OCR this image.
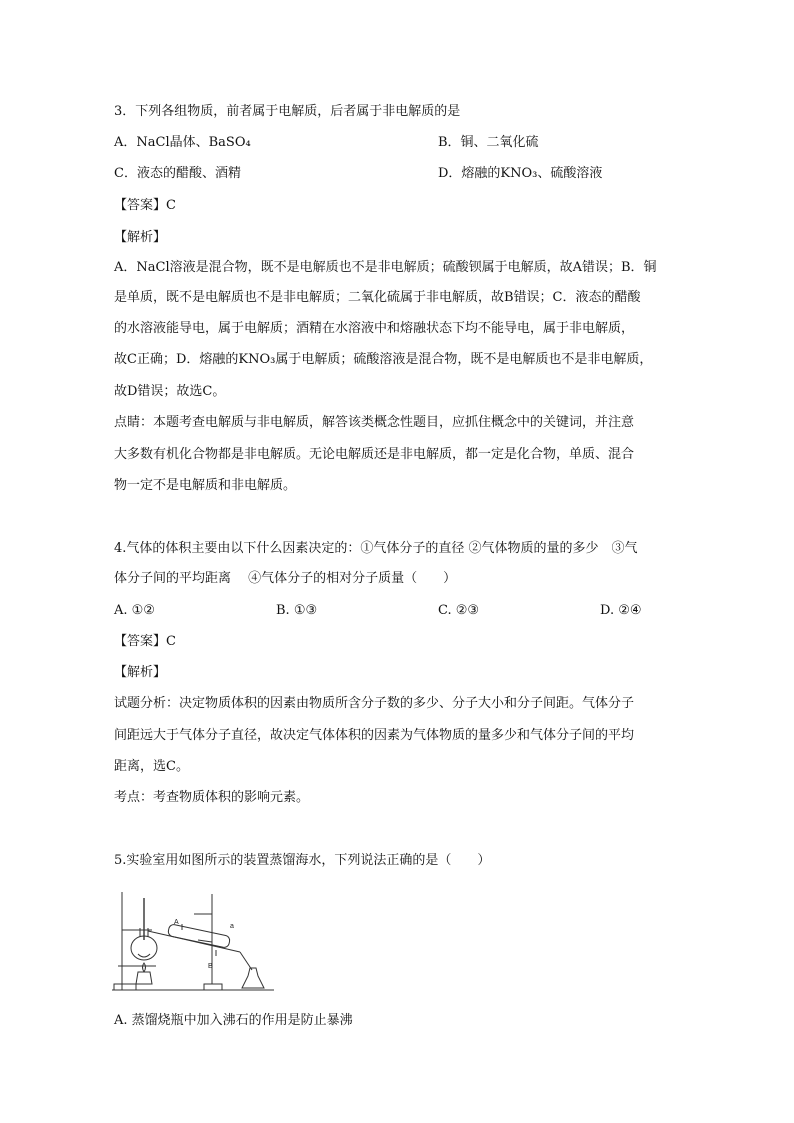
3．下列各组物质，前者属于电解质，后者属于非电解质的是
A．NaCl晶体、BaSO₄	B．铜、二氧化硫
C．液态的醋酸、酒精	D．熔融的KNO₃、硫酸溶液
【答案】C
【解析】
A．NaCl溶液是混合物，既不是电解质也不是非电解质；硫酸钡属于电解质，故A错误；B．铜
是单质，既不是电解质也不是非电解质；二氧化硫属于非电解质，故B错误；C．液态的醋酸
的水溶液能导电，属于电解质；酒精在水溶液中和熔融状态下均不能导电，属于非电解质，
故C正确；D．熔融的KNO₃属于电解质；硫酸溶液是混合物，既不是电解质也不是非电解质，
故D错误；故选C。
点睛：本题考查电解质与非电解质，解答该类概念性题目，应抓住概念中的关键词，并注意
大多数有机化合物都是非电解质。无论电解质还是非电解质，都一定是化合物，单质、混合
物一定不是电解质和非电解质。
4.气体的体积主要由以下什么因素决定的：①气体分子的直径 ②气体物质的量的多少　③气
体分子间的平均距离　 ④气体分子的相对分子质量（　　）
A. ①②	B. ①③	C. ②③	D. ②④
【答案】C
【解析】
试题分析：决定物质体积的因素由物质所含分子数的多少、分子大小和分子间距。气体分子
间距远大于气体分子直径，故决定气体体积的因素为气体物质的量多少和气体分子间的平均
距离，选C。
考点：考查物质体积的影响元素。
5.实验室用如图所示的装置蒸馏海水，下列说法正确的是（　　）
A
B
a
A. 蒸馏烧瓶中加入沸石的作用是防止暴沸
